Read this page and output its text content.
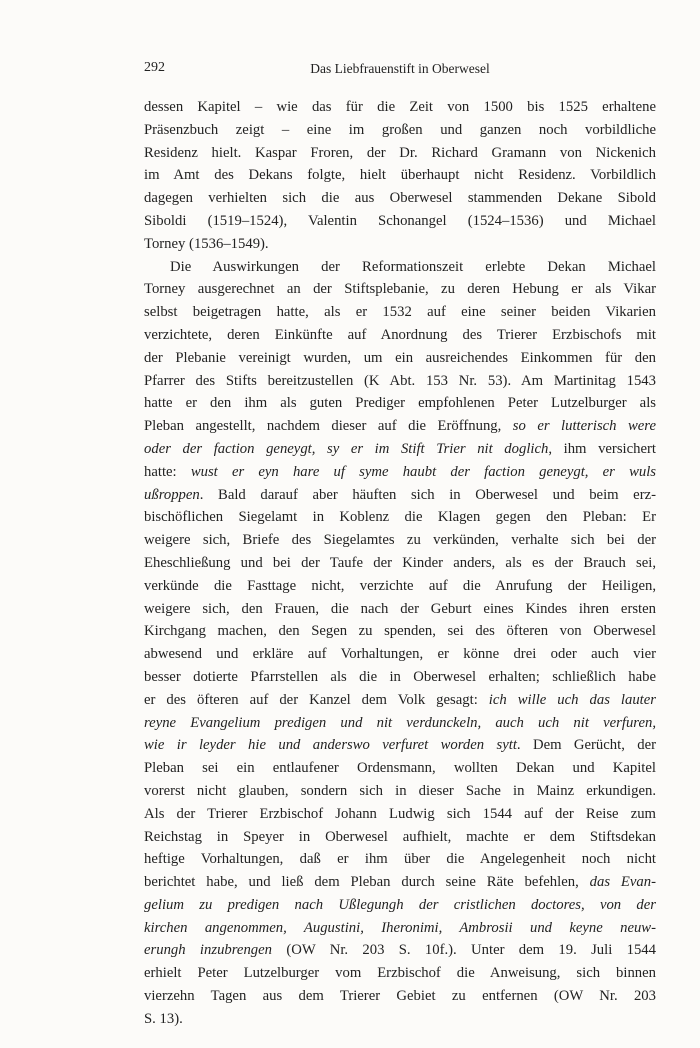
292	Das Liebfrauenstift in Oberwesel
dessen Kapitel – wie das für die Zeit von 1500 bis 1525 erhaltene
Präsenzbuch zeigt – eine im großen und ganzen noch vorbildliche
Residenz hielt. Kaspar Froren, der Dr. Richard Gramann von Nickenich
im Amt des Dekans folgte, hielt überhaupt nicht Residenz. Vorbildlich
dagegen verhielten sich die aus Oberwesel stammenden Dekane Sibold
Siboldi (1519–1524), Valentin Schonangel (1524–1536) und Michael
Torney (1536–1549).
Die Auswirkungen der Reformationszeit erlebte Dekan Michael
Torney ausgerechnet an der Stiftsplebanie, zu deren Hebung er als Vikar
selbst beigetragen hatte, als er 1532 auf eine seiner beiden Vikarien
verzichtete, deren Einkünfte auf Anordnung des Trierer Erzbischofs mit
der Plebanie vereinigt wurden, um ein ausreichendes Einkommen für den
Pfarrer des Stifts bereitzustellen (K Abt. 153 Nr. 53). Am Martinitag 1543
hatte er den ihm als guten Prediger empfohlenen Peter Lutzelburger als
Pleban angestellt, nachdem dieser auf die Eröffnung, so er lutterisch were
oder der faction geneygt, sy er im Stift Trier nit doglich, ihm versichert
hatte: wust er eyn hare uf syme haubt der faction geneygt, er wuls
ußroppen. Bald darauf aber häuften sich in Oberwesel und beim erz-
bischöflichen Siegelamt in Koblenz die Klagen gegen den Pleban: Er
weigere sich, Briefe des Siegelamtes zu verkünden, verhalte sich bei der
Eheschließung und bei der Taufe der Kinder anders, als es der Brauch sei,
verkünde die Fasttage nicht, verzichte auf die Anrufung der Heiligen,
weigere sich, den Frauen, die nach der Geburt eines Kindes ihren ersten
Kirchgang machen, den Segen zu spenden, sei des öfteren von Oberwesel
abwesend und erkläre auf Vorhaltungen, er könne drei oder auch vier
besser dotierte Pfarrstellen als die in Oberwesel erhalten; schließlich habe
er des öfteren auf der Kanzel dem Volk gesagt: ich wille uch das lauter
reyne Evangelium predigen und nit verdunckeln, auch uch nit verfuren,
wie ir leyder hie und anderswo verfuret worden sytt. Dem Gerücht, der
Pleban sei ein entlaufener Ordensmann, wollten Dekan und Kapitel
vorerst nicht glauben, sondern sich in dieser Sache in Mainz erkundigen.
Als der Trierer Erzbischof Johann Ludwig sich 1544 auf der Reise zum
Reichstag in Speyer in Oberwesel aufhielt, machte er dem Stiftsdekan
heftige Vorhaltungen, daß er ihm über die Angelegenheit noch nicht
berichtet habe, und ließ dem Pleban durch seine Räte befehlen, das Evan-
gelium zu predigen nach Ußlegungh der cristlichen doctores, von der
kirchen angenommen, Augustini, Iheronimi, Ambrosii und keyne neuw-
erungh inzubrengen (OW Nr. 203 S. 10f.). Unter dem 19. Juli 1544
erhielt Peter Lutzelburger vom Erzbischof die Anweisung, sich binnen
vierzehn Tagen aus dem Trierer Gebiet zu entfernen (OW Nr. 203
S. 13).
